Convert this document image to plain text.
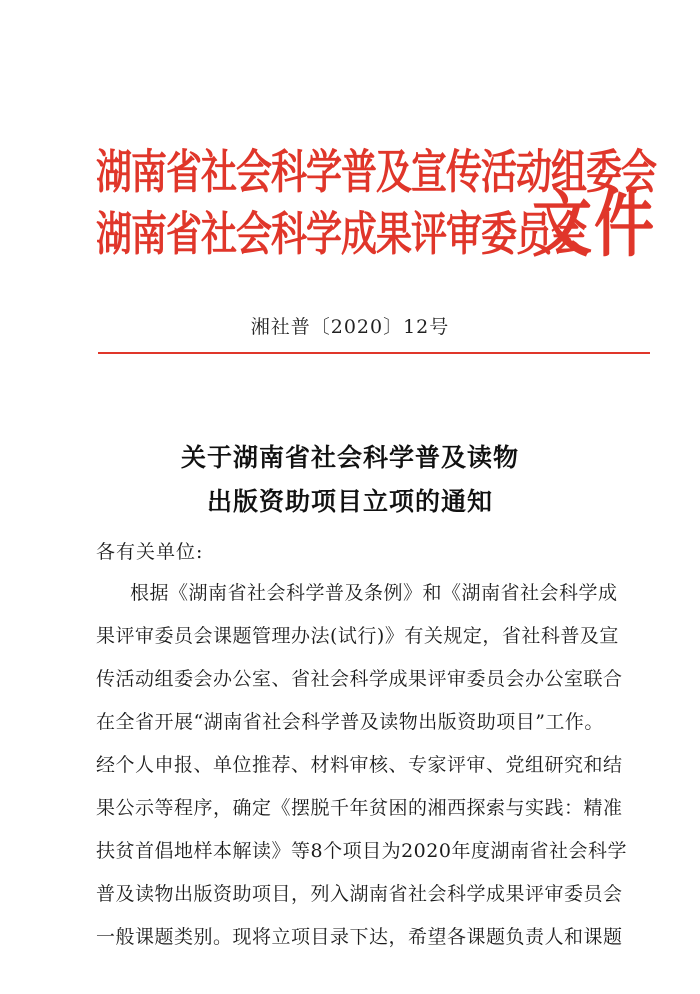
湖南省社会科学普及宣传活动组委会
湖南省社会科学成果评审委员会
文件
湘社普〔2020〕12号
关于湖南省社会科学普及读物
出版资助项目立项的通知
各有关单位:
根据《湖南省社会科学普及条例》和《湖南省社会科学成
果评审委员会课题管理办法(试行)》有关规定，省社科普及宣
传活动组委会办公室、省社会科学成果评审委员会办公室联合
在全省开展“湖南省社会科学普及读物出版资助项目”工作。
经个人申报、单位推荐、材料审核、专家评审、党组研究和结
果公示等程序，确定《摆脱千年贫困的湘西探索与实践：精准
扶贫首倡地样本解读》等8个项目为2020年度湖南省社会科学
普及读物出版资助项目，列入湖南省社会科学成果评审委员会
一般课题类别。现将立项目录下达，希望各课题负责人和课题
